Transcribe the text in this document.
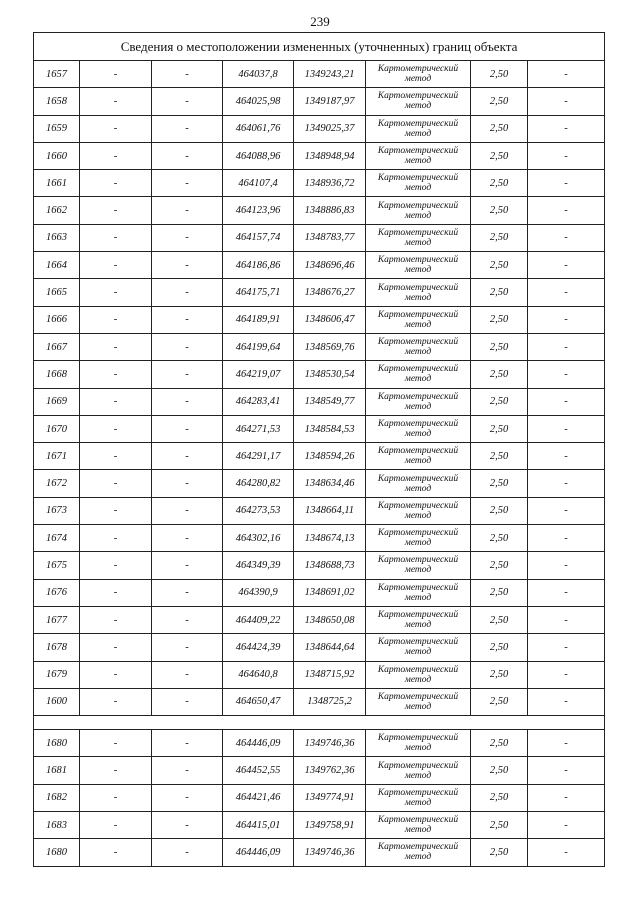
239
Сведения о местоположении измененных (уточненных) границ объекта							
1657	-	-	464037,8	1349243,21	Картометрический метод	2,50	-
1658	-	-	464025,98	1349187,97	Картометрический метод	2,50	-
1659	-	-	464061,76	1349025,37	Картометрический метод	2,50	-
1660	-	-	464088,96	1348948,94	Картометрический метод	2,50	-
1661	-	-	464107,4	1348936,72	Картометрический метод	2,50	-
1662	-	-	464123,96	1348886,83	Картометрический метод	2,50	-
1663	-	-	464157,74	1348783,77	Картометрический метод	2,50	-
1664	-	-	464186,86	1348696,46	Картометрический метод	2,50	-
1665	-	-	464175,71	1348676,27	Картометрический метод	2,50	-
1666	-	-	464189,91	1348606,47	Картометрический метод	2,50	-
1667	-	-	464199,64	1348569,76	Картометрический метод	2,50	-
1668	-	-	464219,07	1348530,54	Картометрический метод	2,50	-
1669	-	-	464283,41	1348549,77	Картометрический метод	2,50	-
1670	-	-	464271,53	1348584,53	Картометрический метод	2,50	-
1671	-	-	464291,17	1348594,26	Картометрический метод	2,50	-
1672	-	-	464280,82	1348634,46	Картометрический метод	2,50	-
1673	-	-	464273,53	1348664,11	Картометрический метод	2,50	-
1674	-	-	464302,16	1348674,13	Картометрический метод	2,50	-
1675	-	-	464349,39	1348688,73	Картометрический метод	2,50	-
1676	-	-	464390,9	1348691,02	Картометрический метод	2,50	-
1677	-	-	464409,22	1348650,08	Картометрический метод	2,50	-
1678	-	-	464424,39	1348644,64	Картометрический метод	2,50	-
1679	-	-	464640,8	1348715,92	Картометрический метод	2,50	-
1600	-	-	464650,47	1348725,2	Картометрический метод	2,50	-

1680	-	-	464446,09	1349746,36	Картометрический метод	2,50	-
1681	-	-	464452,55	1349762,36	Картометрический метод	2,50	-
1682	-	-	464421,46	1349774,91	Картометрический метод	2,50	-
1683	-	-	464415,01	1349758,91	Картометрический метод	2,50	-
1680	-	-	464446,09	1349746,36	Картометрический метод	2,50	-
